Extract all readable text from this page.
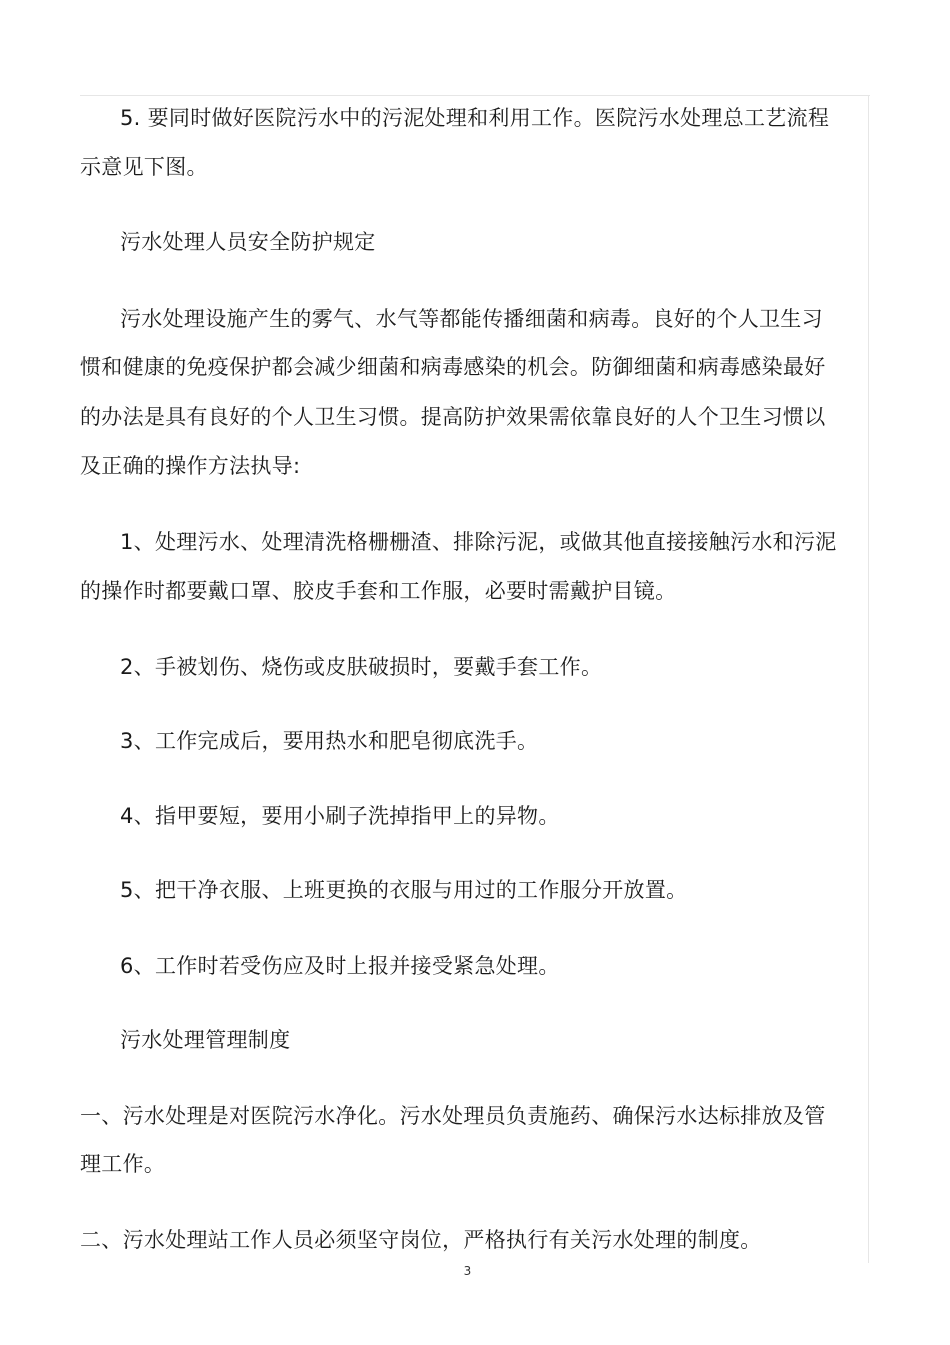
5. 要同时做好医院污水中的污泥处理和利用工作。医院污水处理总工艺流程
示意见下图。
污水处理人员安全防护规定
污水处理设施产生的雾气、水气等都能传播细菌和病毒。良好的个人卫生习
惯和健康的免疫保护都会减少细菌和病毒感染的机会。防御细菌和病毒感染最好
的办法是具有良好的个人卫生习惯。提高防护效果需依靠良好的人个卫生习惯以
及正确的操作方法执导:
1、处理污水、处理清洗格栅栅渣、排除污泥，或做其他直接接触污水和污泥
的操作时都要戴口罩、胶皮手套和工作服，必要时需戴护目镜。
2、手被划伤、烧伤或皮肤破损时，要戴手套工作。
3、工作完成后，要用热水和肥皂彻底洗手。
4、指甲要短，要用小刷子洗掉指甲上的异物。
5、把干净衣服、上班更换的衣服与用过的工作服分开放置。
6、工作时若受伤应及时上报并接受紧急处理。
污水处理管理制度
一、污水处理是对医院污水净化。污水处理员负责施药、确保污水达标排放及管
理工作。
二、污水处理站工作人员必须坚守岗位，严格执行有关污水处理的制度。
3
